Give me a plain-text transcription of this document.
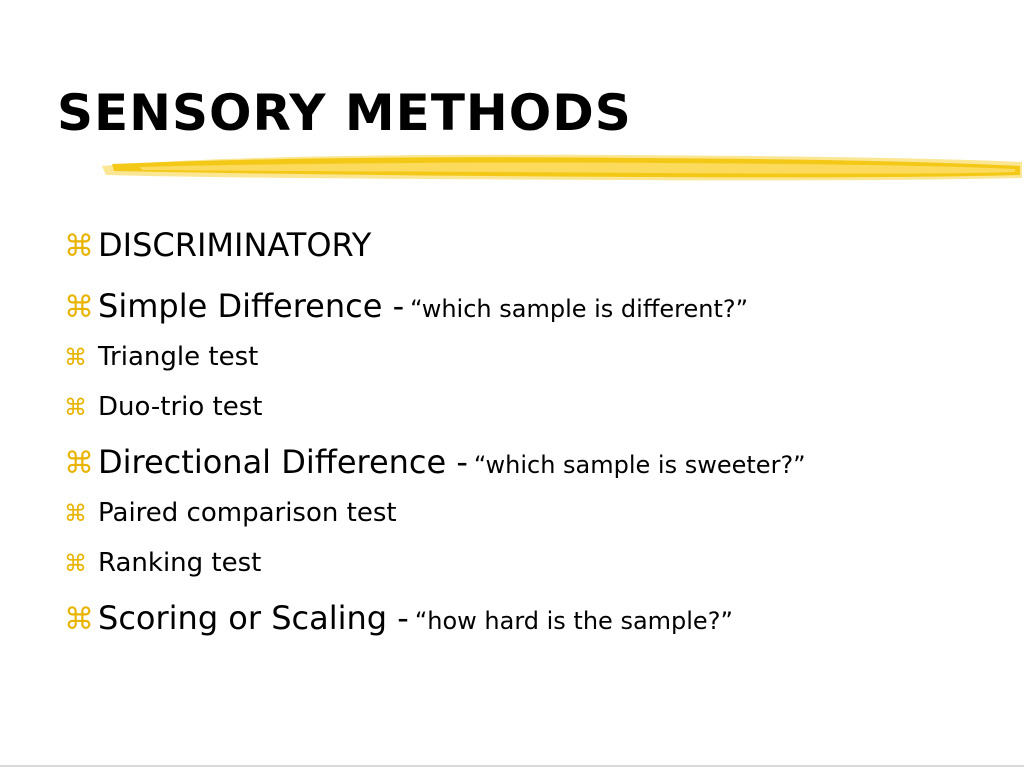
SENSORY METHODS
⌘ DISCRIMINATORY
⌘ Simple Difference - “which sample is different?”
⌘ Triangle test
⌘ Duo-trio test
⌘ Directional Difference - “which sample is sweeter?”
⌘ Paired comparison test
⌘ Ranking test
⌘ Scoring or Scaling - “how hard is the sample?”
